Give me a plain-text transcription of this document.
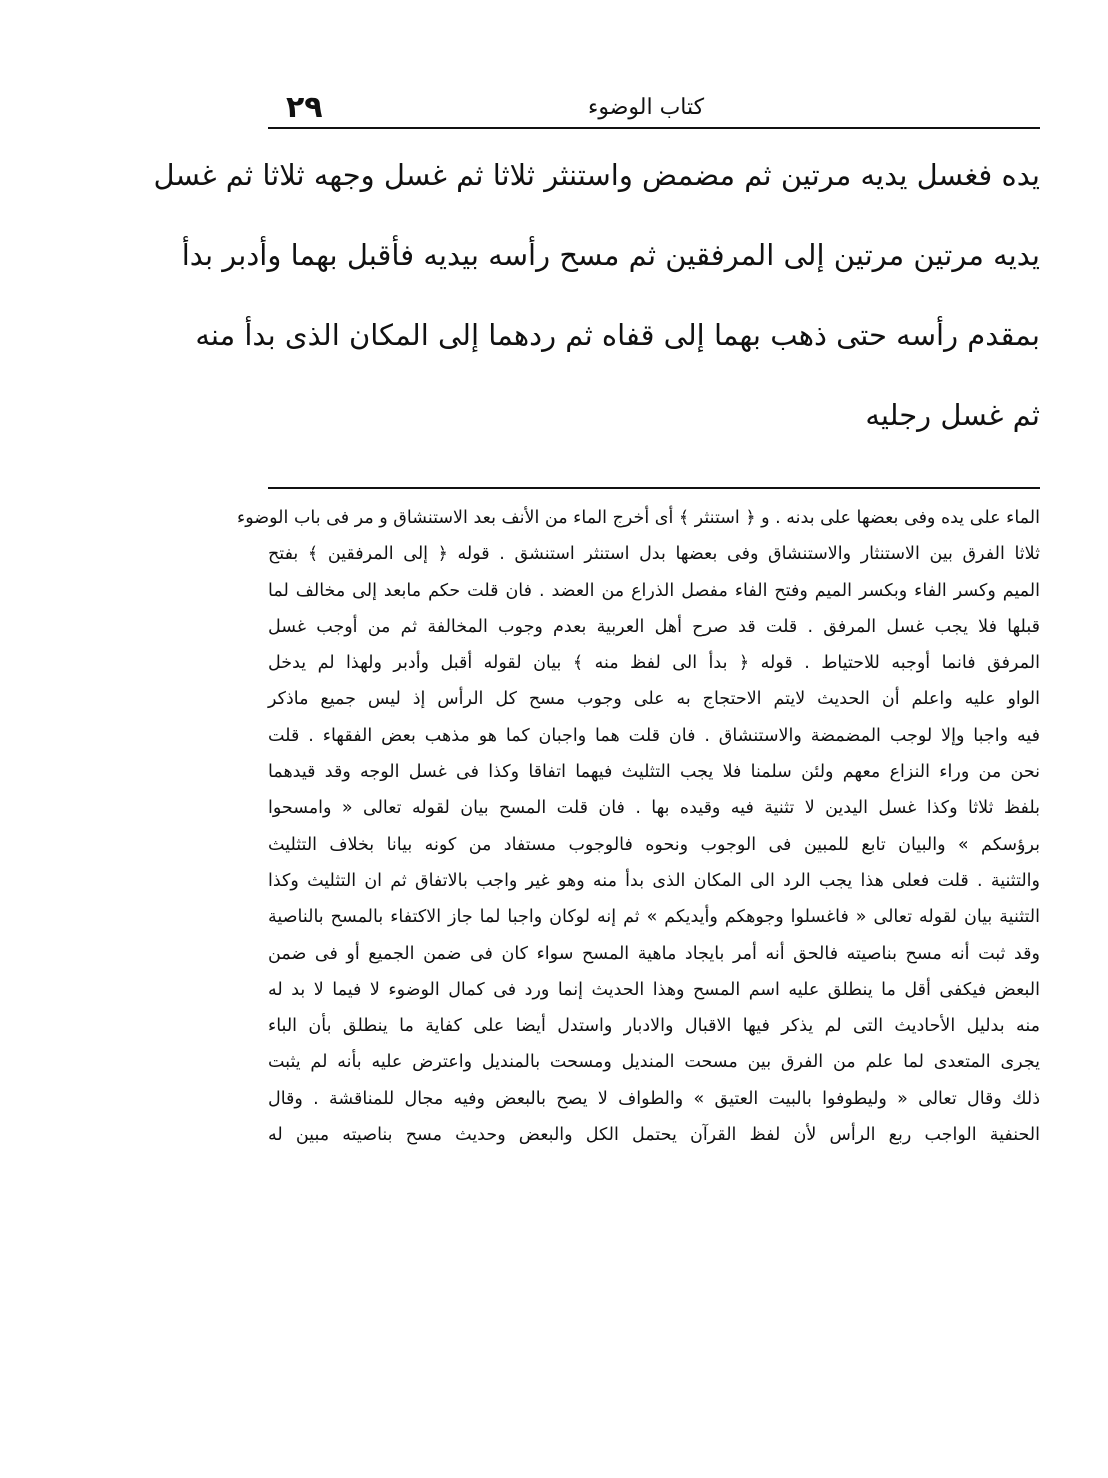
٢٩	كتاب الوضوء
يده فغسل يديه مرتين ثم مضمض واستنثر ثلاثا ثم غسل وجهه ثلاثا ثم غسل
يديه مرتين مرتين إلى المرفقين ثم مسح رأسه بيديه فأقبل بهما وأدبر بدأ
بمقدم رأسه حتى ذهب بهما إلى قفاه ثم ردهما إلى المكان الذى بدأ منه
ثم غسل رجليه
الماء على يده وفى بعضها على بدنه . و ﴿ استنثر ﴾ أى أخرج الماء من الأنف بعد الاستنشاق و مر فى باب الوضوء
ثلاثا الفرق بين الاستنثار والاستنشاق وفى بعضها بدل استنثر استنشق . قوله ﴿ إلى المرفقين ﴾ بفتح
الميم وكسر الفاء وبكسر الميم وفتح الفاء مفصل الذراع من العضد . فان قلت حكم مابعد إلى مخالف لما
قبلها فلا يجب غسل المرفق . قلت قد صرح أهل العربية بعدم وجوب المخالفة ثم من أوجب غسل
المرفق فانما أوجبه للاحتياط . قوله ﴿ بدأ الى لفظ منه ﴾ بيان لقوله أقبل وأدبر ولهذا لم يدخل
الواو عليه واعلم أن الحديث لايتم الاحتجاج به على وجوب مسح كل الرأس إذ ليس جميع ماذكر
فيه واجبا وإلا لوجب المضمضة والاستنشاق . فان قلت هما واجبان كما هو مذهب بعض الفقهاء . قلت
نحن من وراء النزاع معهم ولئن سلمنا فلا يجب التثليث فيهما اتفاقا وكذا فى غسل الوجه وقد قيدهما
بلفظ ثلاثا وكذا غسل اليدين لا تثنية فيه وقيده بها . فان قلت المسح بيان لقوله تعالى « وامسحوا
برؤسكم » والبيان تابع للمبين فى الوجوب ونحوه فالوجوب مستفاد من كونه بيانا بخلاف التثليث
والتثنية . قلت فعلى هذا يجب الرد الى المكان الذى بدأ منه وهو غير واجب بالاتفاق ثم ان التثليث وكذا
التثنية بيان لقوله تعالى « فاغسلوا وجوهكم وأيديكم » ثم إنه لوكان واجبا لما جاز الاكتفاء بالمسح بالناصية
وقد ثبت أنه مسح بناصيته فالحق أنه أمر بايجاد ماهية المسح سواء كان فى ضمن الجميع أو فى ضمن
البعض فيكفى أقل ما ينطلق عليه اسم المسح وهذا الحديث إنما ورد فى كمال الوضوء لا فيما لا بد له
منه بدليل الأحاديث التى لم يذكر فيها الاقبال والادبار واستدل أيضا على كفاية ما ينطلق بأن الباء
يجرى المتعدى لما علم من الفرق بين مسحت المنديل ومسحت بالمنديل واعترض عليه بأنه لم يثبت
ذلك وقال تعالى « وليطوفوا بالبيت العتيق » والطواف لا يصح بالبعض وفيه مجال للمناقشة . وقال
الحنفية الواجب ربع الرأس لأن لفظ القرآن يحتمل الكل والبعض وحديث مسح بناصيته مبين له
